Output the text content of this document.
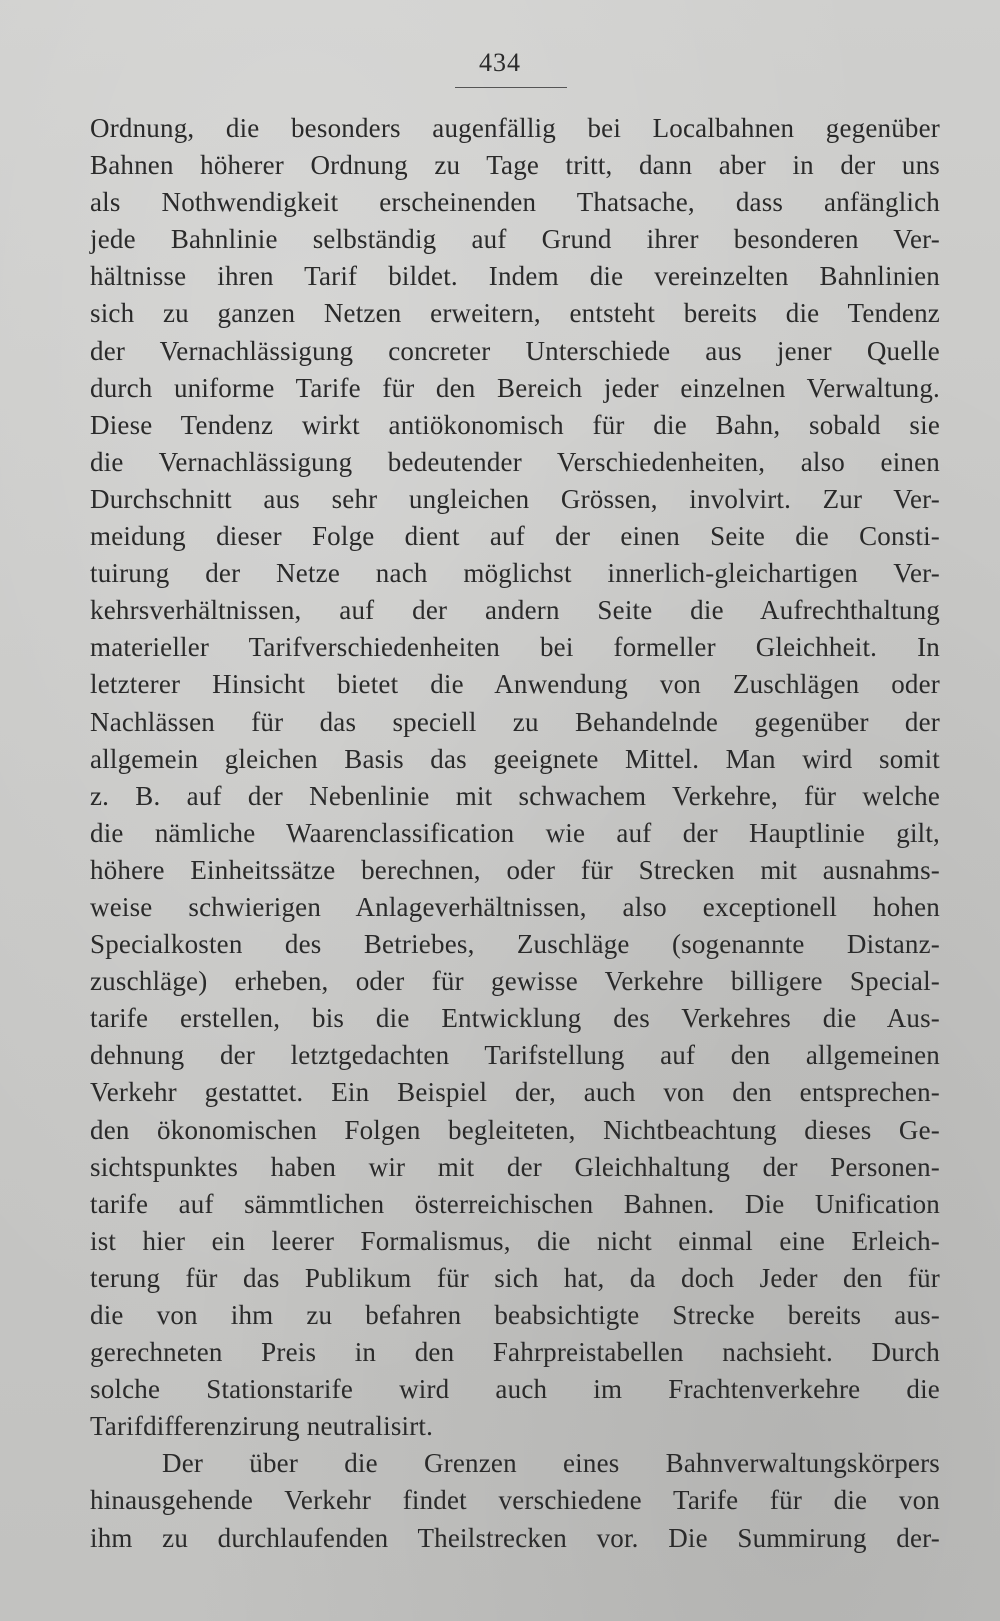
434
Ordnung, die besonders augenfällig bei Localbahnen gegenüber
Bahnen höherer Ordnung zu Tage tritt, dann aber in der uns
als Nothwendigkeit erscheinenden Thatsache, dass anfänglich
jede Bahnlinie selbständig auf Grund ihrer besonderen Ver-
hältnisse ihren Tarif bildet. Indem die vereinzelten Bahnlinien
sich zu ganzen Netzen erweitern, entsteht bereits die Tendenz
der Vernachlässigung concreter Unterschiede aus jener Quelle
durch uniforme Tarife für den Bereich jeder einzelnen Verwaltung.
Diese Tendenz wirkt antiökonomisch für die Bahn, sobald sie
die Vernachlässigung bedeutender Verschiedenheiten, also einen
Durchschnitt aus sehr ungleichen Grössen, involvirt. Zur Ver-
meidung dieser Folge dient auf der einen Seite die Consti-
tuirung der Netze nach möglichst innerlich-gleichartigen Ver-
kehrsverhältnissen, auf der andern Seite die Aufrechthaltung
materieller Tarifverschiedenheiten bei formeller Gleichheit. In
letzterer Hinsicht bietet die Anwendung von Zuschlägen oder
Nachlässen für das speciell zu Behandelnde gegenüber der
allgemein gleichen Basis das geeignete Mittel. Man wird somit
z. B. auf der Nebenlinie mit schwachem Verkehre, für welche
die nämliche Waarenclassification wie auf der Hauptlinie gilt,
höhere Einheitssätze berechnen, oder für Strecken mit ausnahms-
weise schwierigen Anlageverhältnissen, also exceptionell hohen
Specialkosten des Betriebes, Zuschläge (sogenannte Distanz-
zuschläge) erheben, oder für gewisse Verkehre billigere Special-
tarife erstellen, bis die Entwicklung des Verkehres die Aus-
dehnung der letztgedachten Tarifstellung auf den allgemeinen
Verkehr gestattet. Ein Beispiel der, auch von den entsprechen-
den ökonomischen Folgen begleiteten, Nichtbeachtung dieses Ge-
sichtspunktes haben wir mit der Gleichhaltung der Personen-
tarife auf sämmtlichen österreichischen Bahnen. Die Unification
ist hier ein leerer Formalismus, die nicht einmal eine Erleich-
terung für das Publikum für sich hat, da doch Jeder den für
die von ihm zu befahren beabsichtigte Strecke bereits aus-
gerechneten Preis in den Fahrpreistabellen nachsieht. Durch
solche Stationstarife wird auch im Frachtenverkehre die
Tarifdifferenzirung neutralisirt.
Der über die Grenzen eines Bahnverwaltungskörpers
hinausgehende Verkehr findet verschiedene Tarife für die von
ihm zu durchlaufenden Theilstrecken vor. Die Summirung der-
